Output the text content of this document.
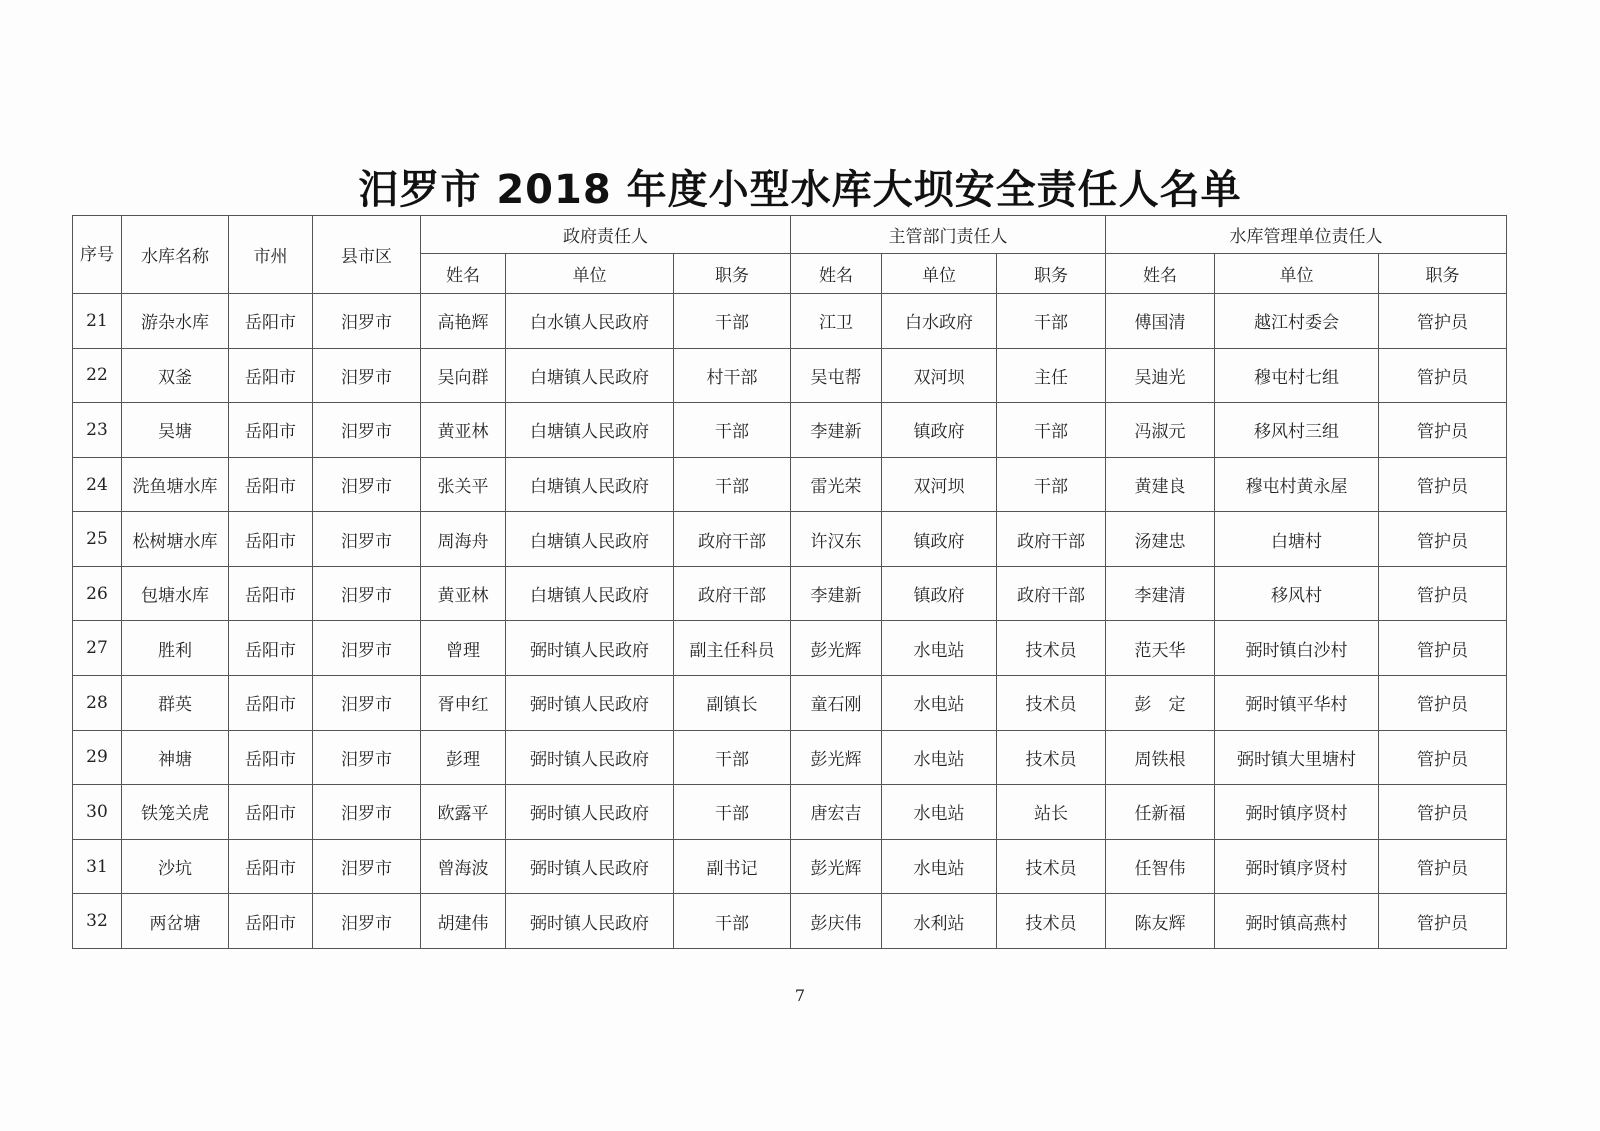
汨罗市 2018 年度小型水库大坝安全责任人名单
序号	水库名称	市州	县市区	政府责任人			主管部门责任人			水库管理单位责任人		
				姓名	单位	职务	姓名	单位	职务	姓名	单位	职务
21	游杂水库	岳阳市	汨罗市	高艳辉	白水镇人民政府	干部	江卫	白水政府	干部	傅国清	越江村委会	管护员
22	双釜	岳阳市	汨罗市	吴向群	白塘镇人民政府	村干部	吴屯帮	双河坝	主任	吴迪光	穆屯村七组	管护员
23	吴塘	岳阳市	汨罗市	黄亚林	白塘镇人民政府	干部	李建新	镇政府	干部	冯淑元	移风村三组	管护员
24	洗鱼塘水库	岳阳市	汨罗市	张关平	白塘镇人民政府	干部	雷光荣	双河坝	干部	黄建良	穆屯村黄永屋	管护员
25	松树塘水库	岳阳市	汨罗市	周海舟	白塘镇人民政府	政府干部	许汉东	镇政府	政府干部	汤建忠	白塘村	管护员
26	包塘水库	岳阳市	汨罗市	黄亚林	白塘镇人民政府	政府干部	李建新	镇政府	政府干部	李建清	移风村	管护员
27	胜利	岳阳市	汨罗市	曾理	弼时镇人民政府	副主任科员	彭光辉	水电站	技术员	范天华	弼时镇白沙村	管护员
28	群英	岳阳市	汨罗市	胥申红	弼时镇人民政府	副镇长	童石刚	水电站	技术员	彭　定	弼时镇平华村	管护员
29	神塘	岳阳市	汨罗市	彭理	弼时镇人民政府	干部	彭光辉	水电站	技术员	周铁根	弼时镇大里塘村	管护员
30	铁笼关虎	岳阳市	汨罗市	欧露平	弼时镇人民政府	干部	唐宏吉	水电站	站长	任新福	弼时镇序贤村	管护员
31	沙坑	岳阳市	汨罗市	曾海波	弼时镇人民政府	副书记	彭光辉	水电站	技术员	任智伟	弼时镇序贤村	管护员
32	两岔塘	岳阳市	汨罗市	胡建伟	弼时镇人民政府	干部	彭庆伟	水利站	技术员	陈友辉	弼时镇高燕村	管护员
7
